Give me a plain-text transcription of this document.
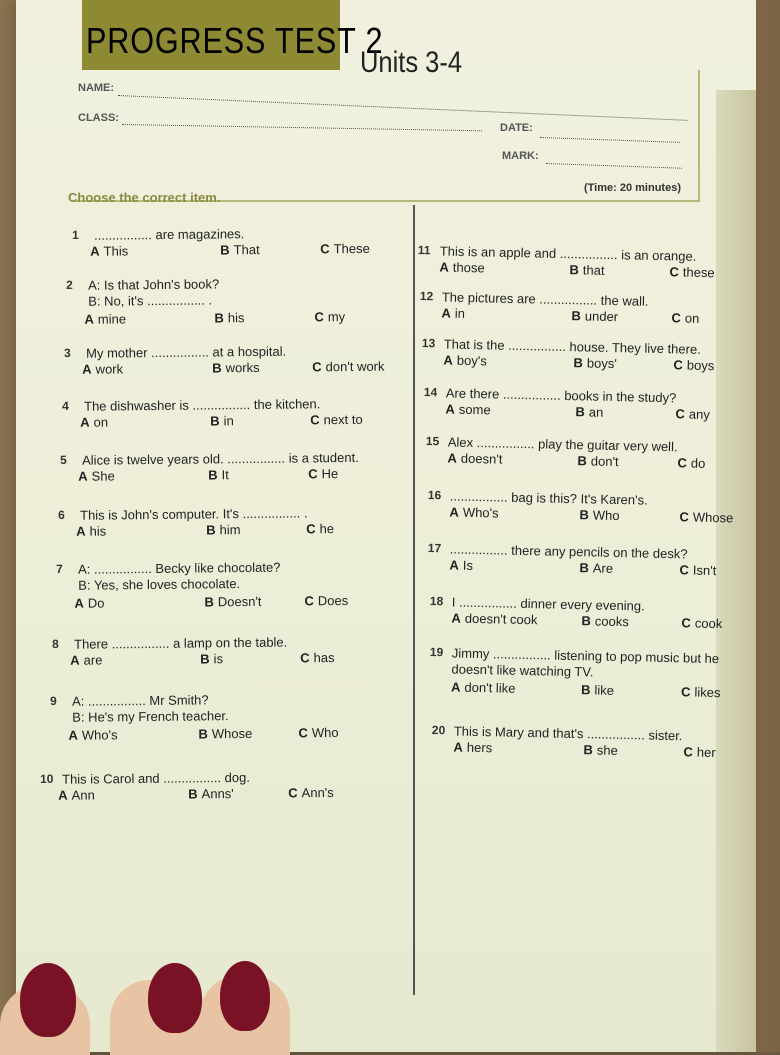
PROGRESS TEST 2
Units 3-4
NAME:
CLASS:
DATE:
MARK:
(Time: 20 minutes)
Choose the correct item.
1 ................ are magazines.
A This	B That	C These
2 A: Is that John's book?
B: No, it's ................ .
A mine	B his	C my
3 My mother ................ at a hospital.
A work	B works	C don't work
4 The dishwasher is ................ the kitchen.
A on	B in	C next to
5 Alice is twelve years old. ................ is a student.
A She	B It	C He
6 This is John's computer. It's ................ .
A his	B him	C he
7 A: ................ Becky like chocolate?
B: Yes, she loves chocolate.
A Do	B Doesn't	C Does
8 There ................ a lamp on the table.
A are	B is	C has
9 A: ................ Mr Smith?
B: He's my French teacher.
A Who's	B Whose	C Who
10 This is Carol and ................ dog.
A Ann	B Anns'	C Ann's
11 This is an apple and ................ is an orange.
A those	B that	C these
12 The pictures are ................ the wall.
A in	B under	C on
13 That is the ................ house. They live there.
A boy's	B boys'	C boys
14 Are there ................ books in the study?
A some	B an	C any
15 Alex ................ play the guitar very well.
A doesn't	B don't	C do
16 ................ bag is this? It's Karen's.
A Who's	B Who	C Whose
17 ................ there any pencils on the desk?
A Is	B Are	C Isn't
18 I ................ dinner every evening.
A doesn't cook	B cooks	C cook
19 Jimmy ................ listening to pop music but he
doesn't like watching TV.
A don't like	B like	C likes
20 This is Mary and that's ................ sister.
A hers	B she	C her
